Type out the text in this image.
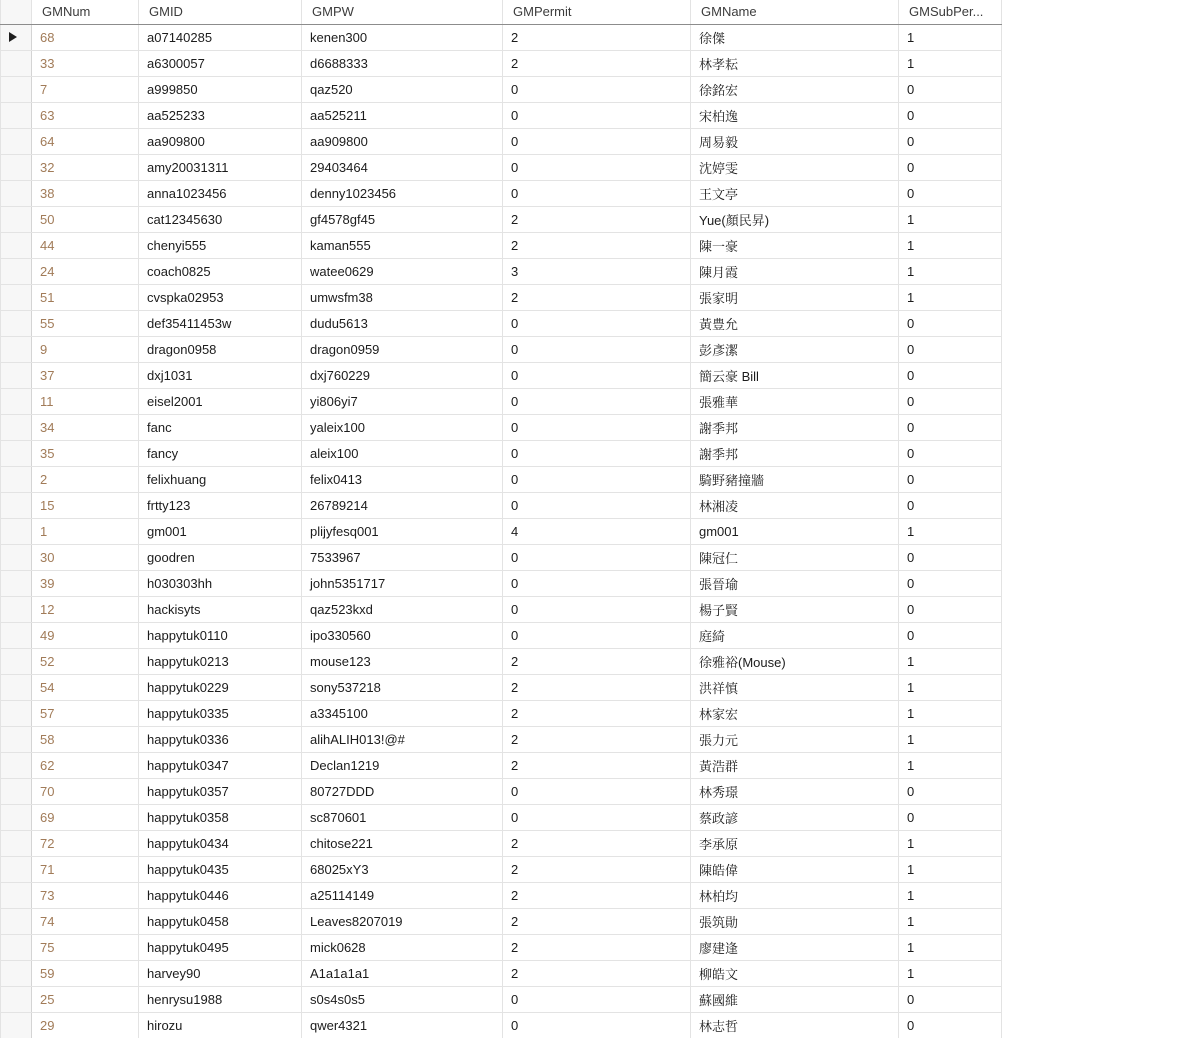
	GMNum	GMID	GMPW	GMPermit	GMName	GMSubPer...

	68	a07140285	kenen300	2	徐傑	1
	33	a6300057	d6688333	2	林孝耘	1
	7	a999850	qaz520	0	徐銘宏	0
	63	aa525233	aa525211	0	宋柏逸	0
	64	aa909800	aa909800	0	周易毅	0
	32	amy20031311	29403464	0	沈婷雯	0
	38	anna1023456	denny1023456	0	王文亭	0
	50	cat12345630	gf4578gf45	2	Yue(顏民昇)	1
	44	chenyi555	kaman555	2	陳一豪	1
	24	coach0825	watee0629	3	陳月霞	1
	51	cvspka02953	umwsfm38	2	張家明	1
	55	def35411453w	dudu5613	0	黃豊允	0
	9	dragon0958	dragon0959	0	彭彥潔	0
	37	dxj1031	dxj760229	0	簡云豪 Bill	0
	11	eisel2001	yi806yi7	0	張雅華	0
	34	fanc	yaleix100	0	謝季邦	0
	35	fancy	aleix100	0	謝季邦	0
	2	felixhuang	felix0413	0	騎野豬撞牆	0
	15	frtty123	26789214	0	林湘凌	0
	1	gm001	plijyfesq001	4	gm001	1
	30	goodren	7533967	0	陳冠仁	0
	39	h030303hh	john5351717	0	張晉瑜	0
	12	hackisyts	qaz523kxd	0	楊子賢	0
	49	happytuk0110	ipo330560	0	庭綺	0
	52	happytuk0213	mouse123	2	徐雅裕(Mouse)	1
	54	happytuk0229	sony537218	2	洪祥慎	1
	57	happytuk0335	a3345100	2	林家宏	1
	58	happytuk0336	alihALIH013!@#	2	張力元	1
	62	happytuk0347	Declan1219	2	黃浩群	1
	70	happytuk0357	80727DDD	0	林秀璟	0
	69	happytuk0358	sc870601	0	蔡政諺	0
	72	happytuk0434	chitose221	2	李承原	1
	71	happytuk0435	68025xY3	2	陳皓偉	1
	73	happytuk0446	a25114149	2	林柏均	1
	74	happytuk0458	Leaves8207019	2	張筑勛	1
	75	happytuk0495	mick0628	2	廖建逢	1
	59	harvey90	A1a1a1a1	2	柳皓文	1
	25	henrysu1988	s0s4s0s5	0	蘇國維	0
	29	hirozu	qwer4321	0	林志哲	0
